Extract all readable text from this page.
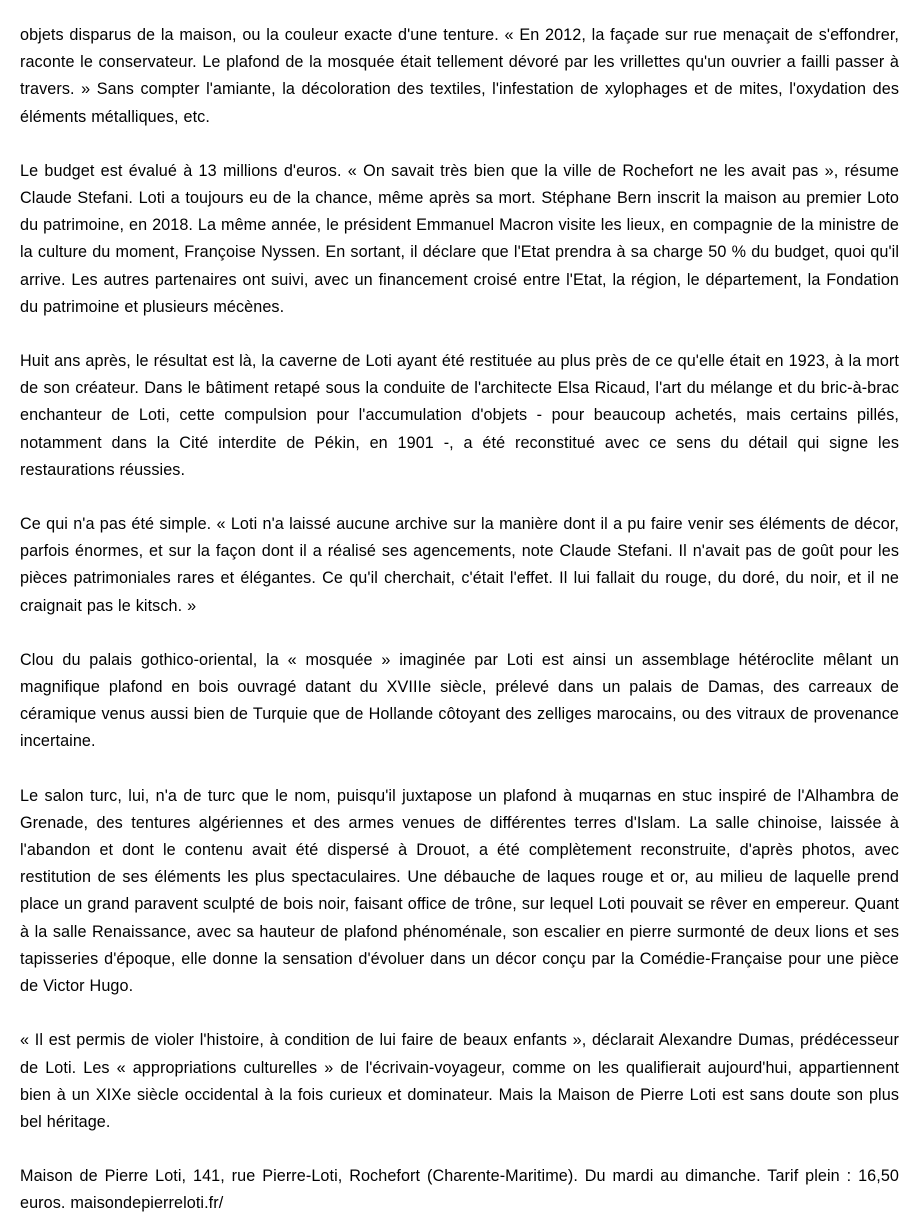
objets disparus de la maison, ou la couleur exacte d'une tenture. « En 2012, la façade sur rue menaçait de s'effondrer, raconte le conservateur. Le plafond de la mosquée était tellement dévoré par les vrillettes qu'un ouvrier a failli passer à travers. » Sans compter l'amiante, la décoloration des textiles, l'infestation de xylophages et de mites, l'oxydation des éléments métalliques, etc.

Le budget est évalué à 13 millions d'euros. « On savait très bien que la ville de Rochefort ne les avait pas », résume Claude Stefani. Loti a toujours eu de la chance, même après sa mort. Stéphane Bern inscrit la maison au premier Loto du patrimoine, en 2018. La même année, le président Emmanuel Macron visite les lieux, en compagnie de la ministre de la culture du moment, Françoise Nyssen. En sortant, il déclare que l'Etat prendra à sa charge 50 % du budget, quoi qu'il arrive. Les autres partenaires ont suivi, avec un financement croisé entre l'Etat, la région, le département, la Fondation du patrimoine et plusieurs mécènes.

Huit ans après, le résultat est là, la caverne de Loti ayant été restituée au plus près de ce qu'elle était en 1923, à la mort de son créateur. Dans le bâtiment retapé sous la conduite de l'architecte Elsa Ricaud, l'art du mélange et du bric-à-brac enchanteur de Loti, cette compulsion pour l'accumulation d'objets - pour beaucoup achetés, mais certains pillés, notamment dans la Cité interdite de Pékin, en 1901 -, a été reconstitué avec ce sens du détail qui signe les restaurations réussies.

Ce qui n'a pas été simple. « Loti n'a laissé aucune archive sur la manière dont il a pu faire venir ses éléments de décor, parfois énormes, et sur la façon dont il a réalisé ses agencements, note Claude Stefani. Il n'avait pas de goût pour les pièces patrimoniales rares et élégantes. Ce qu'il cherchait, c'était l'effet. Il lui fallait du rouge, du doré, du noir, et il ne craignait pas le kitsch. »

Clou du palais gothico-oriental, la « mosquée » imaginée par Loti est ainsi un assemblage hétéroclite mêlant un magnifique plafond en bois ouvragé datant du XVIIIe siècle, prélevé dans un palais de Damas, des carreaux de céramique venus aussi bien de Turquie que de Hollande côtoyant des zelliges marocains, ou des vitraux de provenance incertaine.

Le salon turc, lui, n'a de turc que le nom, puisqu'il juxtapose un plafond à muqarnas en stuc inspiré de l'Alhambra de Grenade, des tentures algériennes et des armes venues de différentes terres d'Islam. La salle chinoise, laissée à l'abandon et dont le contenu avait été dispersé à Drouot, a été complètement reconstruite, d'après photos, avec restitution de ses éléments les plus spectaculaires. Une débauche de laques rouge et or, au milieu de laquelle prend place un grand paravent sculpté de bois noir, faisant office de trône, sur lequel Loti pouvait se rêver en empereur. Quant à la salle Renaissance, avec sa hauteur de plafond phénoménale, son escalier en pierre surmonté de deux lions et ses tapisseries d'époque, elle donne la sensation d'évoluer dans un décor conçu par la Comédie-Française pour une pièce de Victor Hugo.

« Il est permis de violer l'histoire, à condition de lui faire de beaux enfants », déclarait Alexandre Dumas, prédécesseur de Loti. Les « appropriations culturelles » de l'écrivain-voyageur, comme on les qualifierait aujourd'hui, appartiennent bien à un XIXe siècle occidental à la fois curieux et dominateur. Mais la Maison de Pierre Loti est sans doute son plus bel héritage.

Maison de Pierre Loti, 141, rue Pierre-Loti, Rochefort (Charente-Maritime). Du mardi au dimanche. Tarif plein : 16,50 euros. maisondepierreloti.fr/
